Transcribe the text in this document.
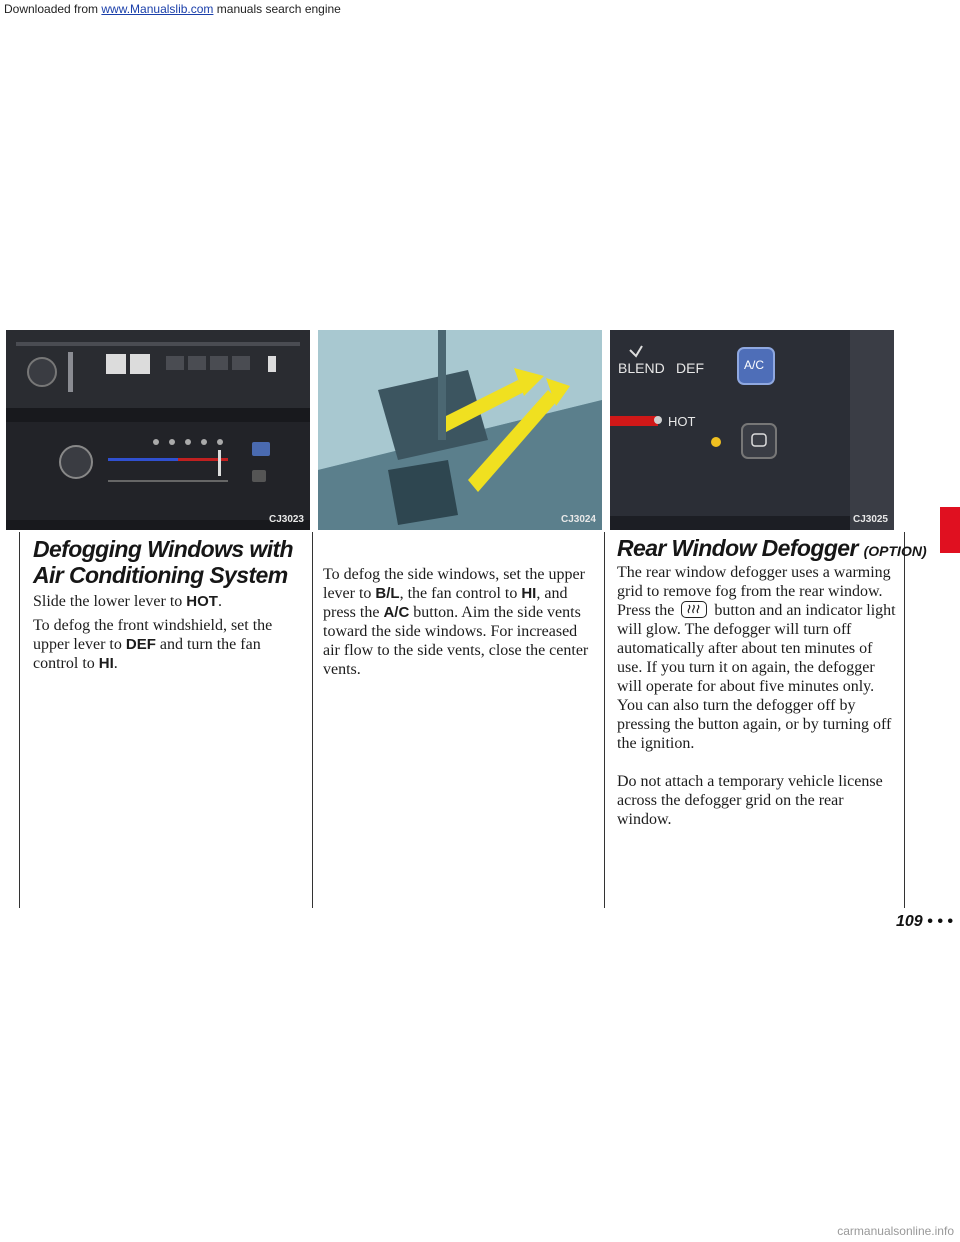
Downloaded from www.Manualslib.com manuals search engine
CJ3023	CJ3024
BLEND DEF	A/C
HOT
CJ3025
Defogging Windows with
Air Conditioning System

Slide the lower lever to HOT.

To defog the front windshield, set the upper lever to DEF and turn the fan control to HI.

To defog the side windows, set the upper lever to B/L, the fan control to HI, and press the A/C button. Aim the side vents toward the side windows. For increased air flow to the side vents, close the center vents.

Rear Window Defogger (OPTION)

The rear window defogger uses a warming grid to remove fog from the rear window. Press the	button and an indicator light will glow. The defogger will turn off automatically after about ten minutes of use. If you turn it on again, the defogger will operate for about five minutes only. You can also turn the defogger off by pressing the button again, or by turning off the ignition.

Do not attach a temporary vehicle license across the defogger grid on the rear window.

109 • • •
carmanualsonline.info
